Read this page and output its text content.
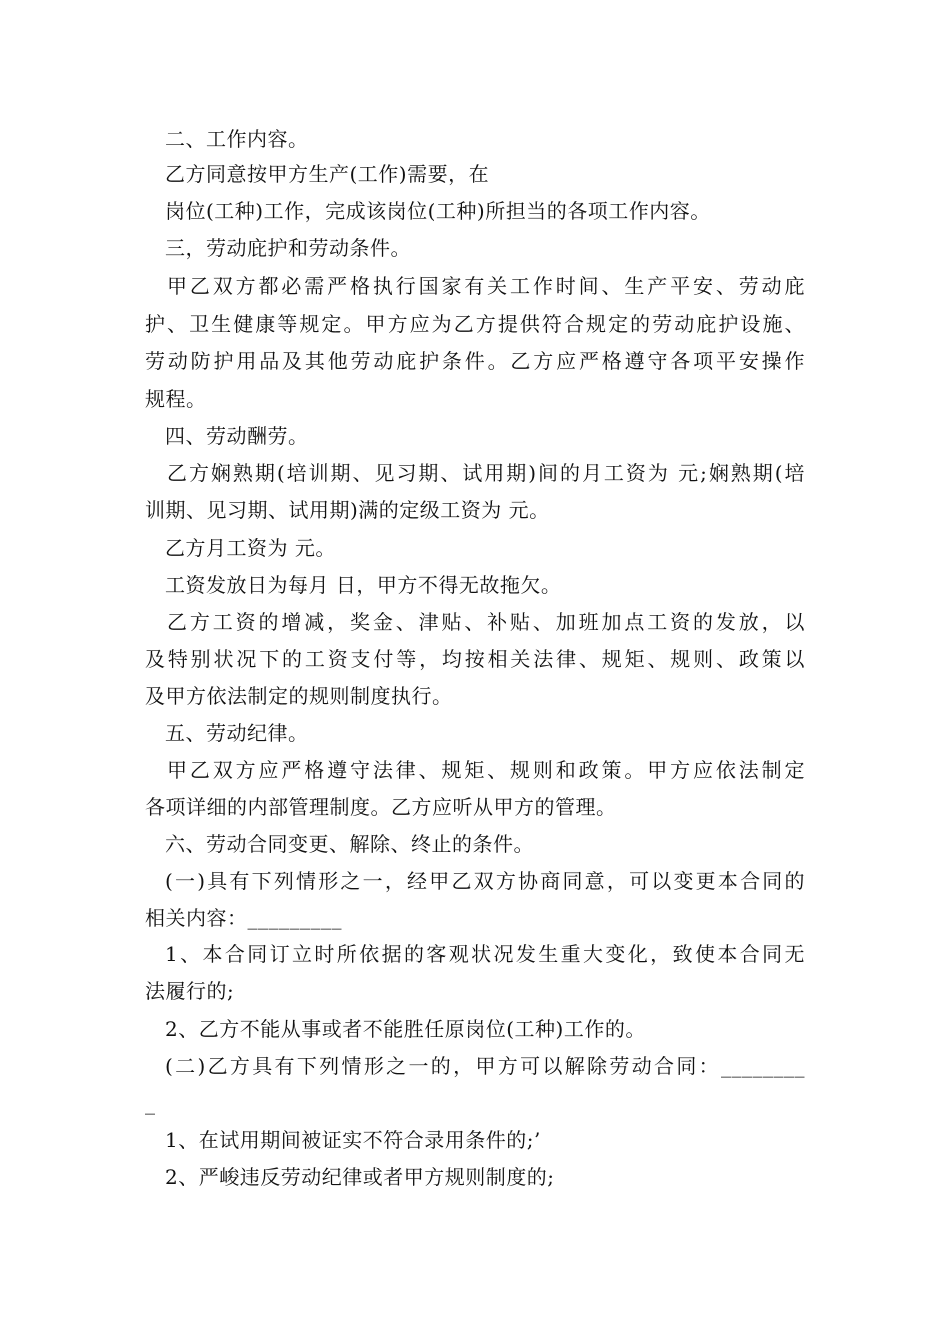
二、工作内容。
乙方同意按甲方生产(工作)需要，在
岗位(工种)工作，完成该岗位(工种)所担当的各项工作内容。
三，劳动庇护和劳动条件。
甲乙双方都必需严格执行国家有关工作时间、生产平安、劳动庇
护、卫生健康等规定。甲方应为乙方提供符合规定的劳动庇护设施、
劳动防护用品及其他劳动庇护条件。乙方应严格遵守各项平安操作
规程。
四、劳动酬劳。
乙方娴熟期(培训期、见习期、试用期)间的月工资为 元;娴熟期(培
训期、见习期、试用期)满的定级工资为 元。
乙方月工资为 元。
工资发放日为每月 日，甲方不得无故拖欠。
乙方工资的增减，奖金、津贴、补贴、加班加点工资的发放，以
及特别状况下的工资支付等，均按相关法律、规矩、规则、政策以
及甲方依法制定的规则制度执行。
五、劳动纪律。
甲乙双方应严格遵守法律、规矩、规则和政策。甲方应依法制定
各项详细的内部管理制度。乙方应听从甲方的管理。
六、劳动合同变更、解除、终止的条件。
(一)具有下列情形之一，经甲乙双方协商同意，可以变更本合同的
相关内容：_________
1、本合同订立时所依据的客观状况发生重大变化，致使本合同无
法履行的;
2、乙方不能从事或者不能胜任原岗位(工种)工作的。
(二)乙方具有下列情形之一的，甲方可以解除劳动合同：________
_
1、在试用期间被证实不符合录用条件的;’
2、严峻违反劳动纪律或者甲方规则制度的;
